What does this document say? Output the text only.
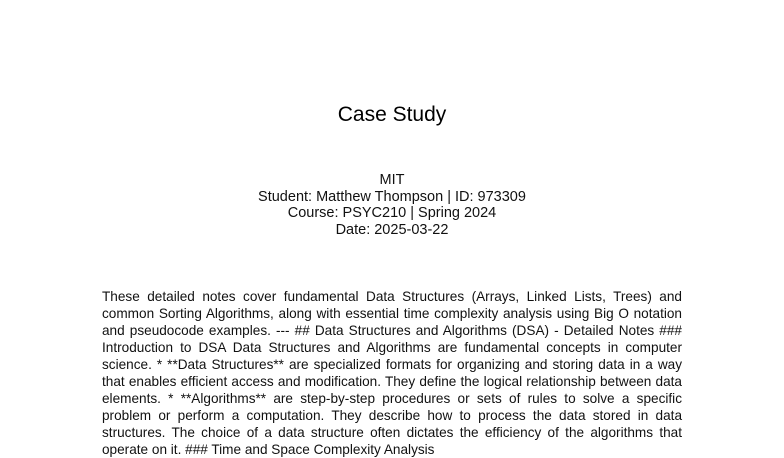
Case Study
MIT
Student: Matthew Thompson | ID: 973309
Course: PSYC210 | Spring 2024
Date: 2025-03-22
These detailed notes cover fundamental Data Structures (Arrays, Linked Lists, Trees) and common Sorting Algorithms, along with essential time complexity analysis using Big O notation and pseudocode examples. --- ## Data Structures and Algorithms (DSA) - Detailed Notes ### Introduction to DSA Data Structures and Algorithms are fundamental concepts in computer science. * **Data Structures** are specialized formats for organizing and storing data in a way that enables efficient access and modification. They define the logical relationship between data elements. * **Algorithms** are step-by-step procedures or sets of rules to solve a specific problem or perform a computation. They describe how to process the data stored in data structures. The choice of a data structure often dictates the efficiency of the algorithms that operate on it. ### Time and Space Complexity Analysis
